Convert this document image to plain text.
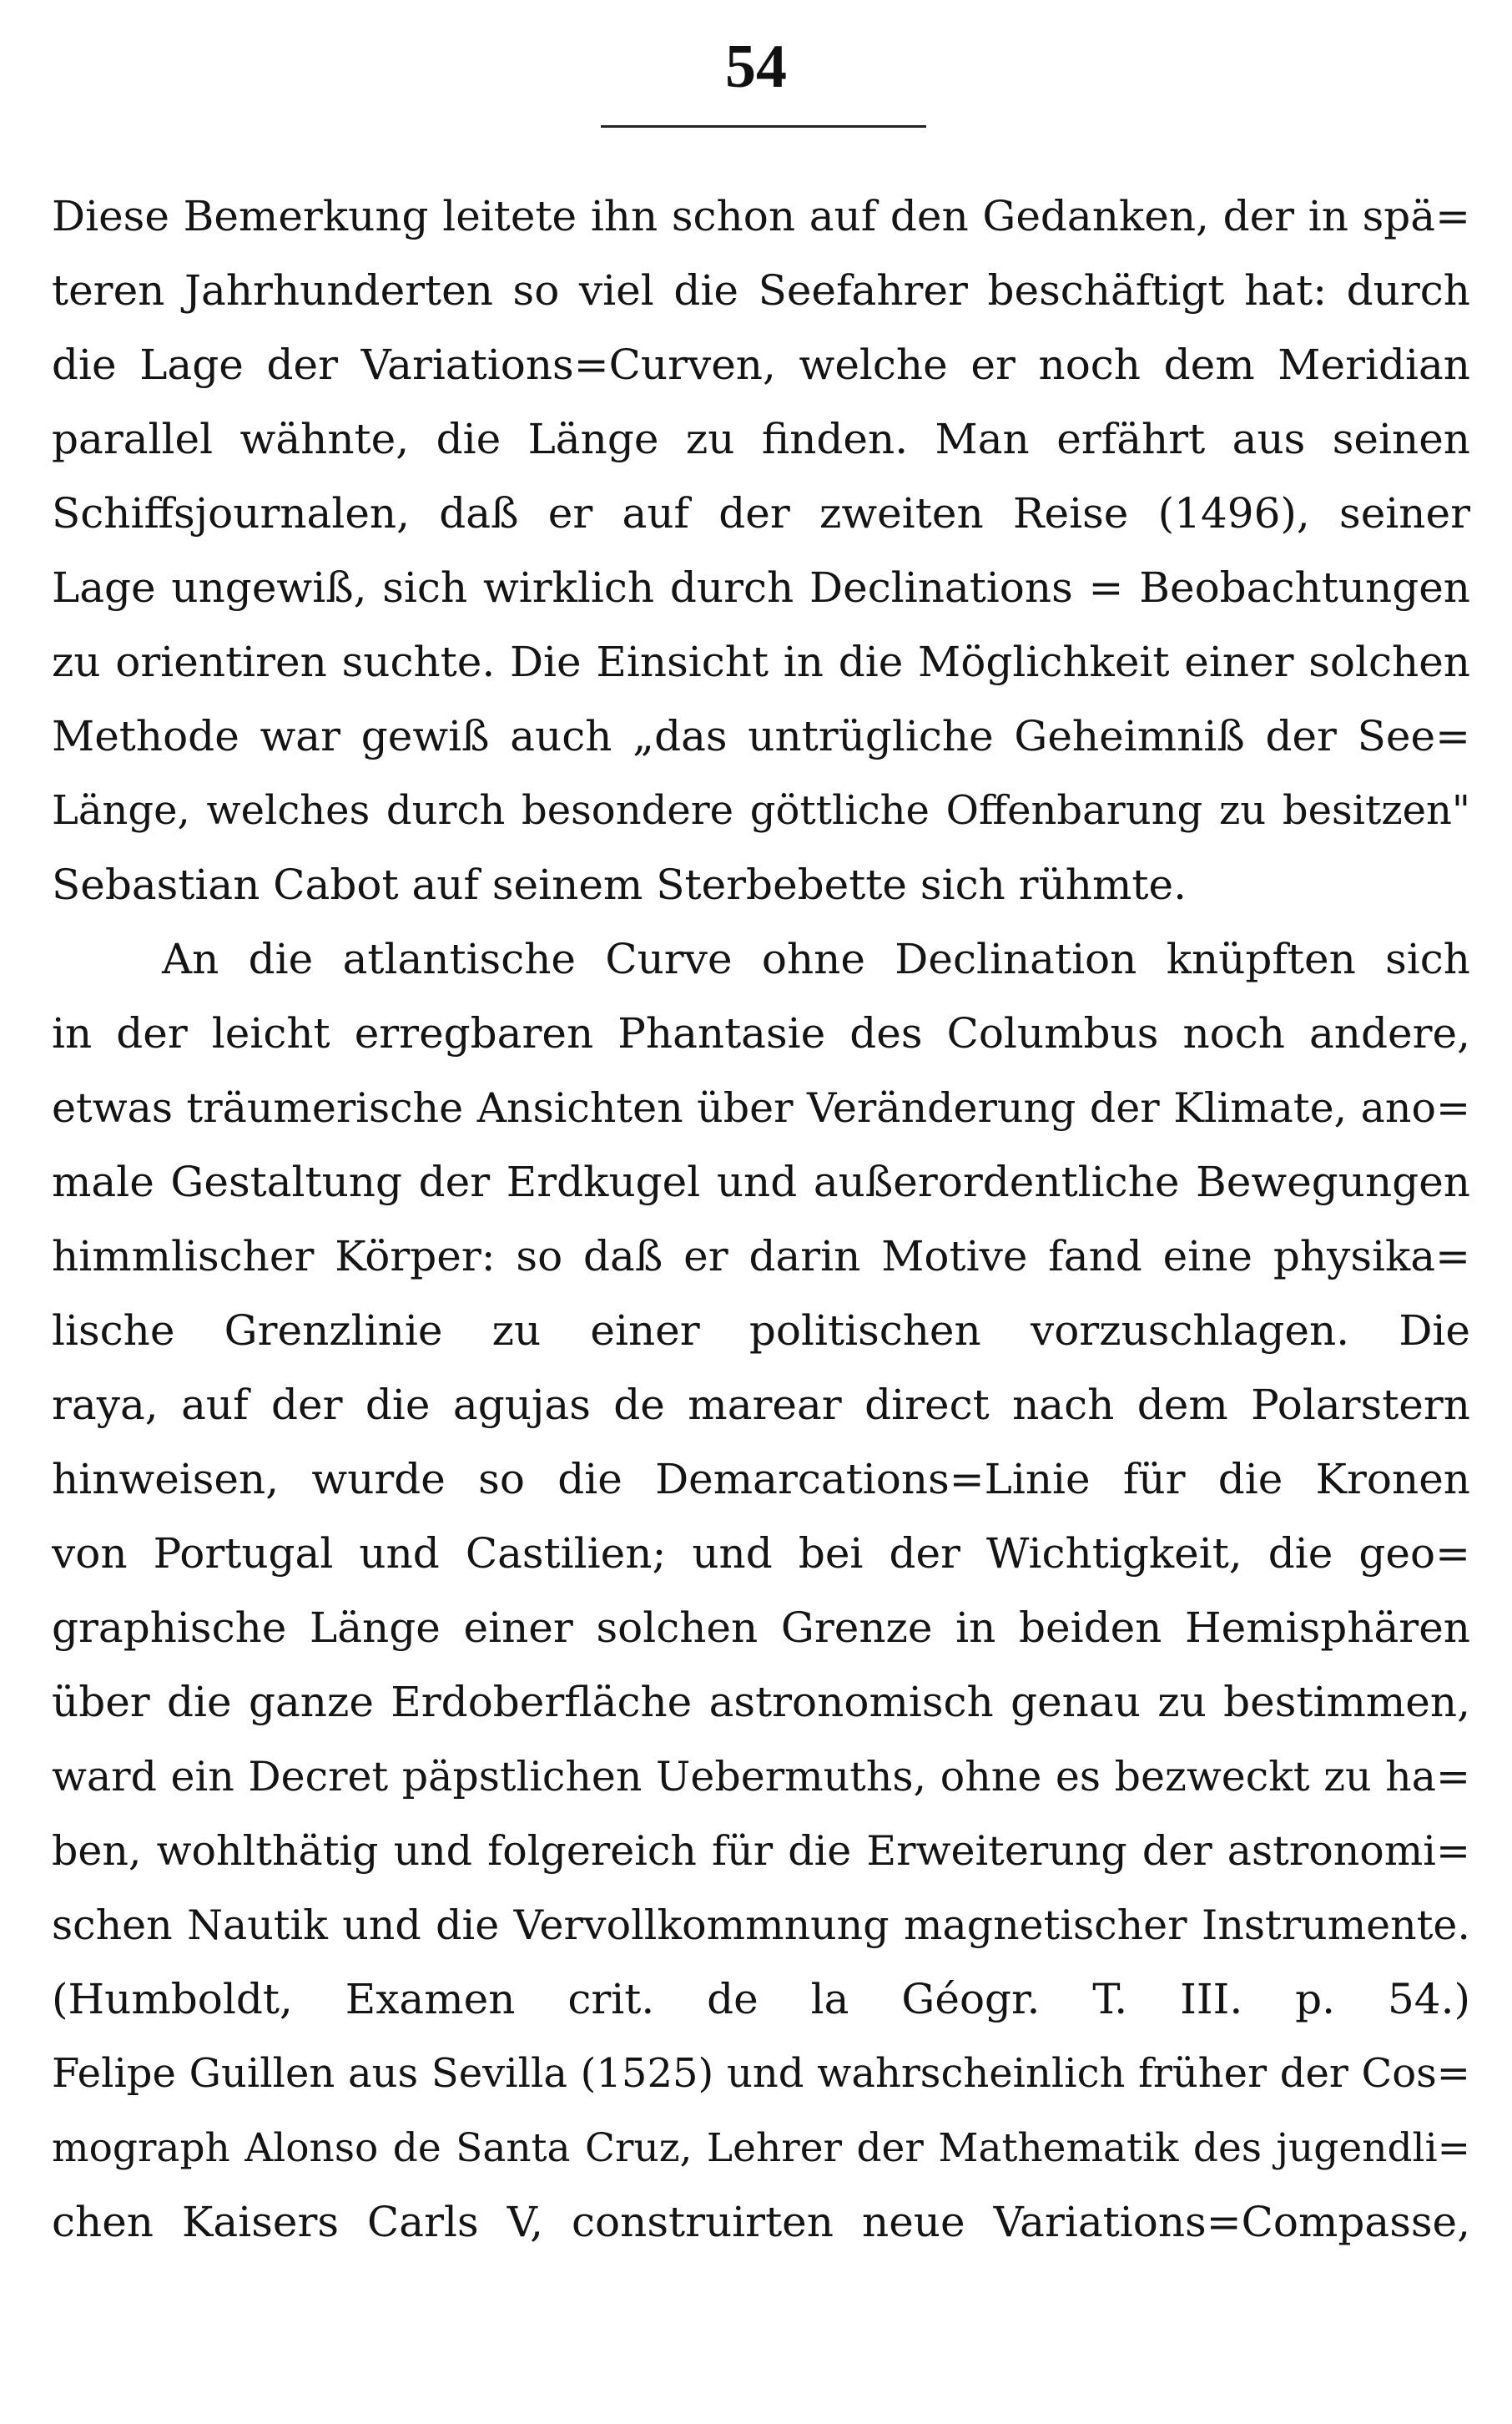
54
Diese Bemerkung leitete ihn schon auf den Gedanken, der in spä=
teren Jahrhunderten so viel die Seefahrer beschäftigt hat: durch
die Lage der Variations=Curven, welche er noch dem Meridian
parallel wähnte, die Länge zu finden. Man erfährt aus seinen
Schiffsjournalen, daß er auf der zweiten Reise (1496), seiner
Lage ungewiß, sich wirklich durch Declinations = Beobachtungen
zu orientiren suchte. Die Einsicht in die Möglichkeit einer solchen
Methode war gewiß auch „das untrügliche Geheimniß der See=
Länge, welches durch besondere göttliche Offenbarung zu besitzen"
Sebastian Cabot auf seinem Sterbebette sich rühmte.
An die atlantische Curve ohne Declination knüpften sich
in der leicht erregbaren Phantasie des Columbus noch andere,
etwas träumerische Ansichten über Veränderung der Klimate, ano=
male Gestaltung der Erdkugel und außerordentliche Bewegungen
himmlischer Körper: so daß er darin Motive fand eine physika=
lische Grenzlinie zu einer politischen vorzuschlagen. Die
raya, auf der die agujas de marear direct nach dem Polarstern
hinweisen, wurde so die Demarcations=Linie für die Kronen
von Portugal und Castilien; und bei der Wichtigkeit, die geo=
graphische Länge einer solchen Grenze in beiden Hemisphären
über die ganze Erdoberfläche astronomisch genau zu bestimmen,
ward ein Decret päpstlichen Uebermuths, ohne es bezweckt zu ha=
ben, wohlthätig und folgereich für die Erweiterung der astronomi=
schen Nautik und die Vervollkommnung magnetischer Instrumente.
(Humboldt, Examen crit. de la Géogr. T. III. p. 54.)
Felipe Guillen aus Sevilla (1525) und wahrscheinlich früher der Cos=
mograph Alonso de Santa Cruz, Lehrer der Mathematik des jugendli=
chen Kaisers Carls V, construirten neue Variations=Compasse,
